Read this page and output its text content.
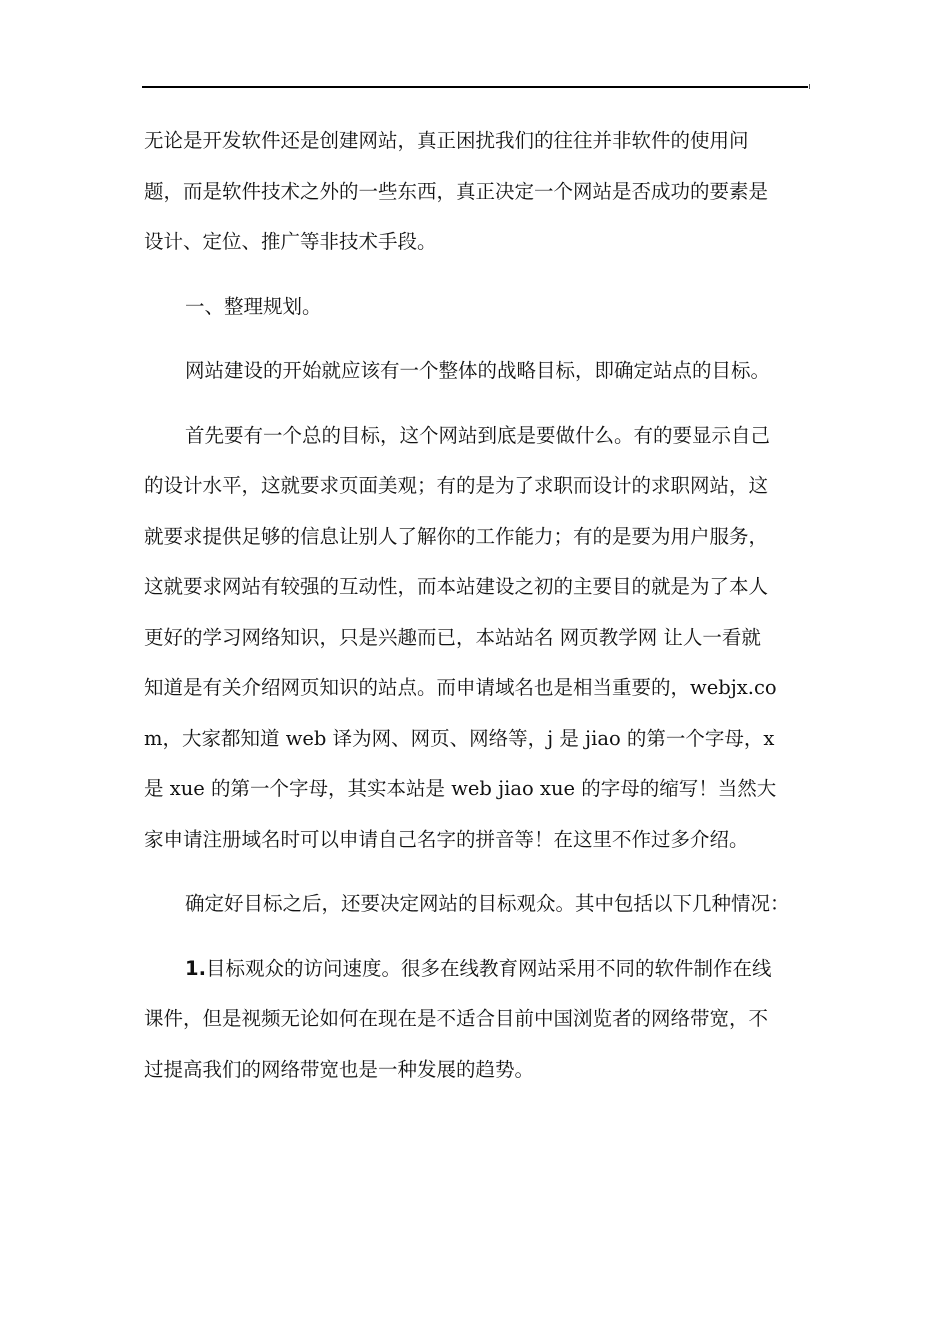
无论是开发软件还是创建网站，真正困扰我们的往往并非软件的使用问
题，而是软件技术之外的一些东西，真正决定一个网站是否成功的要素是
设计、定位、推广等非技术手段。
一、整理规划。
网站建设的开始就应该有一个整体的战略目标，即确定站点的目标。
首先要有一个总的目标，这个网站到底是要做什么。有的要显示自己
的设计水平，这就要求页面美观；有的是为了求职而设计的求职网站，这
就要求提供足够的信息让别人了解你的工作能力；有的是要为用户服务，
这就要求网站有较强的互动性，而本站建设之初的主要目的就是为了本人
更好的学习网络知识，只是兴趣而已，本站站名 网页教学网 让人一看就
知道是有关介绍网页知识的站点。而申请域名也是相当重要的，webjx.co
m，大家都知道 web 译为网、网页、网络等，j 是 jiao 的第一个字母，x
是 xue 的第一个字母，其实本站是 web jiao xue 的字母的缩写！当然大
家申请注册域名时可以申请自己名字的拼音等！在这里不作过多介绍。
确定好目标之后，还要决定网站的目标观众。其中包括以下几种情况：
1.目标观众的访问速度。很多在线教育网站采用不同的软件制作在线
课件，但是视频无论如何在现在是不适合目前中国浏览者的网络带宽，不
过提高我们的网络带宽也是一种发展的趋势。
